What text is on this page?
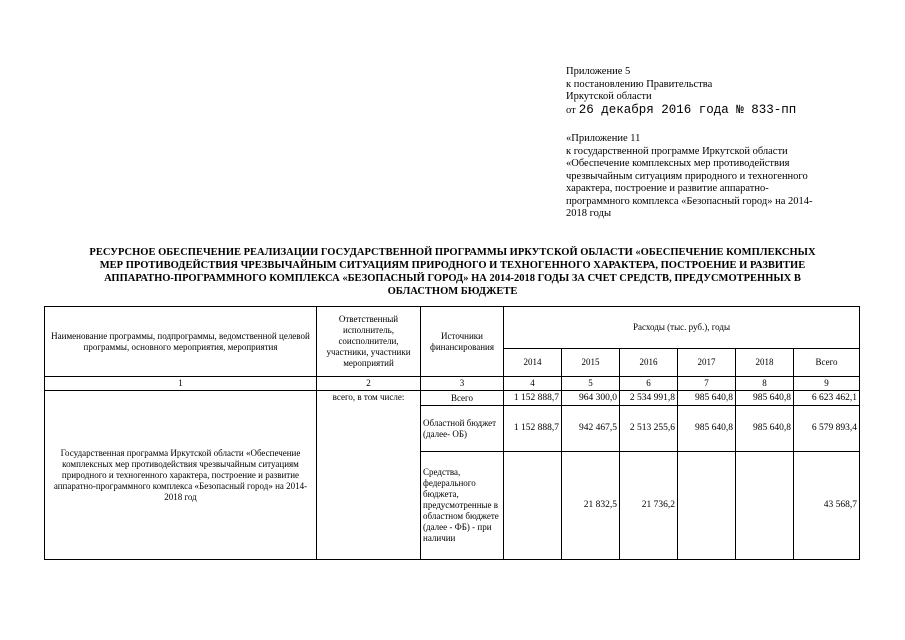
Приложение 5
к постановлению Правительства
Иркутской области
от 26 декабря 2016 года № 833-пп
«Приложение 11
к государственной программе Иркутской области
«Обеспечение комплексных мер противодействия
чрезвычайным ситуациям природного и техногенного
характера, построение и развитие аппаратно-
программного комплекса «Безопасный город» на 2014-
2018 годы
РЕСУРСНОЕ ОБЕСПЕЧЕНИЕ РЕАЛИЗАЦИИ ГОСУДАРСТВЕННОЙ ПРОГРАММЫ ИРКУТСКОЙ ОБЛАСТИ «ОБЕСПЕЧЕНИЕ КОМПЛЕКСНЫХ
МЕР ПРОТИВОДЕЙСТВИЯ ЧРЕЗВЫЧАЙНЫМ СИТУАЦИЯМ ПРИРОДНОГО И ТЕХНОГЕННОГО ХАРАКТЕРА, ПОСТРОЕНИЕ И РАЗВИТИЕ
АППАРАТНО-ПРОГРАММНОГО КОМПЛЕКСА «БЕЗОПАСНЫЙ ГОРОД» НА 2014-2018 ГОДЫ ЗА СЧЕТ СРЕДСТВ, ПРЕДУСМОТРЕННЫХ В
ОБЛАСТНОМ БЮДЖЕТЕ
Наименование программы, подпрограммы, ведомственной целевой программы, основного мероприятия, мероприятия	Ответственный исполнитель, соисполнители, участники, участники мероприятий	Источники финансирования	Расходы (тыс. руб.), годы					
			2014	2015	2016	2017	2018	Всего
1	2	3	4	5	6	7	8	9
Государственная программа Иркутской области «Обеспечение комплексных мер противодействия чрезвычайным ситуациям природного и техногенного характера, построение и развитие аппаратно-программного комплекса «Безопасный город» на 2014-2018 год	всего, в том числе:	Всего	1 152 888,7	964 300,0	2 534 991,8	985 640,8	985 640,8	6 623 462,1
		Областной бюджет (далее- ОБ)	1 152 888,7	942 467,5	2 513 255,6	985 640,8	985 640,8	6 579 893,4
		Средства, федерального бюджета, предусмотренные в областном бюджете (далее - ФБ) - при наличии		21 832,5	21 736,2			43 568,7
